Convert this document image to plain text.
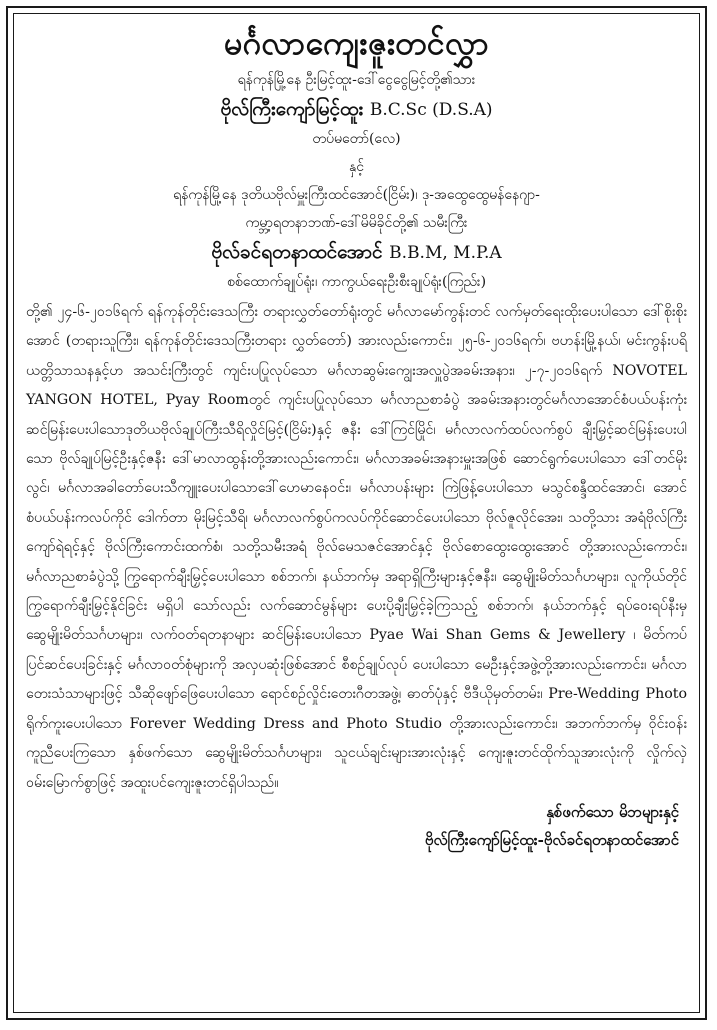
မင်္ဂလာကျေးဇူးတင်လွှာ
ရန်ကုန်မြို့နေ ဦးမြင့်ထူး-ဒေါ်ငွေငွေမြင့်တို့၏သား
ဗိုလ်ကြီးကျော်မြင့်ထူး B.C.Sc (D.S.A)
တပ်မတော်(လေ)
နှင့်
ရန်ကုန်မြို့နေ ဒုတိယဗိုလ်မှူးကြီးထင်အောင်(ငြိမ်း)၊ ဒု-အထွေထွေမန်နေဂျာ-
ကမ္ဘာ့ရတနာဘဏ်-ဒေါ်မိမိခိုင်တို့၏ သမီးကြီး
ဗိုလ်ခင်ရတနာထင်အောင် B.B.M, M.P.A
စစ်ထောက်ချုပ်ရုံး၊ ကာကွယ်ရေးဦးစီးချုပ်ရုံး(ကြည်း)
တို့၏ ၂၄-၆-၂၀၁၆ရက် ရန်ကုန်တိုင်းဒေသကြီး တရားလွှတ်တော်ရုံးတွင် မင်္ဂလာမော်ကွန်းတင် လက်မှတ်ရေးထိုးပေးပါသော ဒေါ်စိုးစိုးအောင် (တရားသူကြီး၊ ရန်ကုန်တိုင်းဒေသကြီးတရား လွှတ်တော်) အားလည်းကောင်း၊ ၂၅-၆-၂၀၁၆ရက်၊ ဗဟန်းမြို့နယ်၊ မင်းကွန်းပရိယတ္တိသာသနနှင့်ဟ အသင်းကြီးတွင် ကျင်းပပြုလုပ်သော မင်္ဂလာဆွမ်းကျွေးအလှူပွဲအခမ်းအနား၊ ၂-၇-၂၀၁၆ရက် NOVOTEL YANGON HOTEL, Pyay Roomတွင် ကျင်းပပြုလုပ်သော မင်္ဂလာညစာခံပွဲ အခမ်းအနားတွင်မင်္ဂလာအောင်စံပယ်ပန်းကုံးဆင်မြန်းပေးပါသောဒုတိယဗိုလ်ချုပ်ကြီးသီရိလှိုင်မြင့်(ငြိမ်း)နှင့် ဇနီး ဒေါ်ကြင်မြိုင်၊ မင်္ဂလာလက်ထပ်လက်စွပ် ချီးမြှင့်ဆင်မြန်းပေးပါသော ဗိုလ်ချုပ်မြင့်ဦးနှင့်ဇနီး ဒေါ်မာလာထွန်းတို့အားလည်းကောင်း၊ မင်္ဂလာအခမ်းအနားမှူးအဖြစ် ဆောင်ရွက်ပေးပါသော ဒေါ်တင်မိုးလွင်၊ မင်္ဂလာအခါတော်ပေးသီကျူးပေးပါသောဒေါ်ဟေမာနေဝင်း၊ မင်္ဂလာပန်းများ ကြဲဖြန့်ပေးပါသော မသွင်စန္ဒီထင်အောင်၊ အောင်စံပယ်ပန်းကလပ်ကိုင် ဒေါက်တာ မိုးမြင့်သီရိ၊ မင်္ဂလာလက်စွပ်ကလပ်ကိုင်ဆောင်ပေးပါသော ဗိုလ်ဇူလိုင်အေး၊ သတို့သား အရံဗိုလ်ကြီးကျော်ရဲရင့်နှင့် ဗိုလ်ကြီးကောင်းထက်စံ၊ သတို့သမီးအရံ ဗိုလ်မေသဇင်အောင်နှင့် ဗိုလ်စောထွေးထွေးအောင် တို့အားလည်းကောင်း၊ မင်္ဂလာညစာခံပွဲသို့ ကြွရောက်ချီးမြှင့်ပေးပါသော စစ်ဘက်၊ နယ်ဘက်မှ အရာရှိကြီးများနှင့်ဇနီး၊ ဆွေမျိုးမိတ်သင်္ဂဟများ၊ လူကိုယ်တိုင်ကြွရောက်ချီးမြှင့်နိုင်ခြင်း မရှိပါ သော်လည်း လက်ဆောင်မွန်များ ပေးပို့ချီးမြှင့်ခဲ့ကြသည့် စစ်ဘက်၊ နယ်ဘက်နှင့် ရပ်ဝေးရပ်နီးမှ ဆွေမျိုးမိတ်သင်္ဂဟများ၊ လက်ဝတ်ရတနာများ ဆင်မြန်းပေးပါသော Pyae Wai Shan Gems & Jewellery ၊ မိတ်ကပ်ပြင်ဆင်ပေးခြင်းနှင့် မင်္ဂလာဝတ်စုံများကို အလှပဆုံးဖြစ်အောင် စီစဉ်ချုပ်လုပ် ပေးပါသော မေဦးနှင့်အဖွဲ့တို့အားလည်းကောင်း၊ မင်္ဂလာတေးသံသာများဖြင့် သီဆိုဖျော်ဖြေပေးပါသော ရောင်စဉ်လှိုင်းတေးဂီတအဖွဲ့၊ ဓာတ်ပုံနှင့် ဗီဒီယိုမှတ်တမ်း၊ Pre-Wedding Photo ရိုက်ကူးပေးပါသော Forever Wedding Dress and Photo Studio တို့အားလည်းကောင်း၊ အဘက်ဘက်မှ ဝိုင်းဝန်းကူညီပေးကြသော နှစ်ဖက်သော ဆွေမျိုးမိတ်သင်္ဂဟများ၊ သူငယ်ချင်းများအားလုံးနှင့် ကျေးဇူးတင်ထိုက်သူအားလုံးကို လှိုက်လှဲဝမ်းမြောက်စွာဖြင့် အထူးပင်ကျေးဇူးတင်ရှိပါသည်။
နှစ်ဖက်သော မိဘများနှင့်
ဗိုလ်ကြီးကျော်မြင့်ထူး-ဗိုလ်ခင်ရတနာထင်အောင်
